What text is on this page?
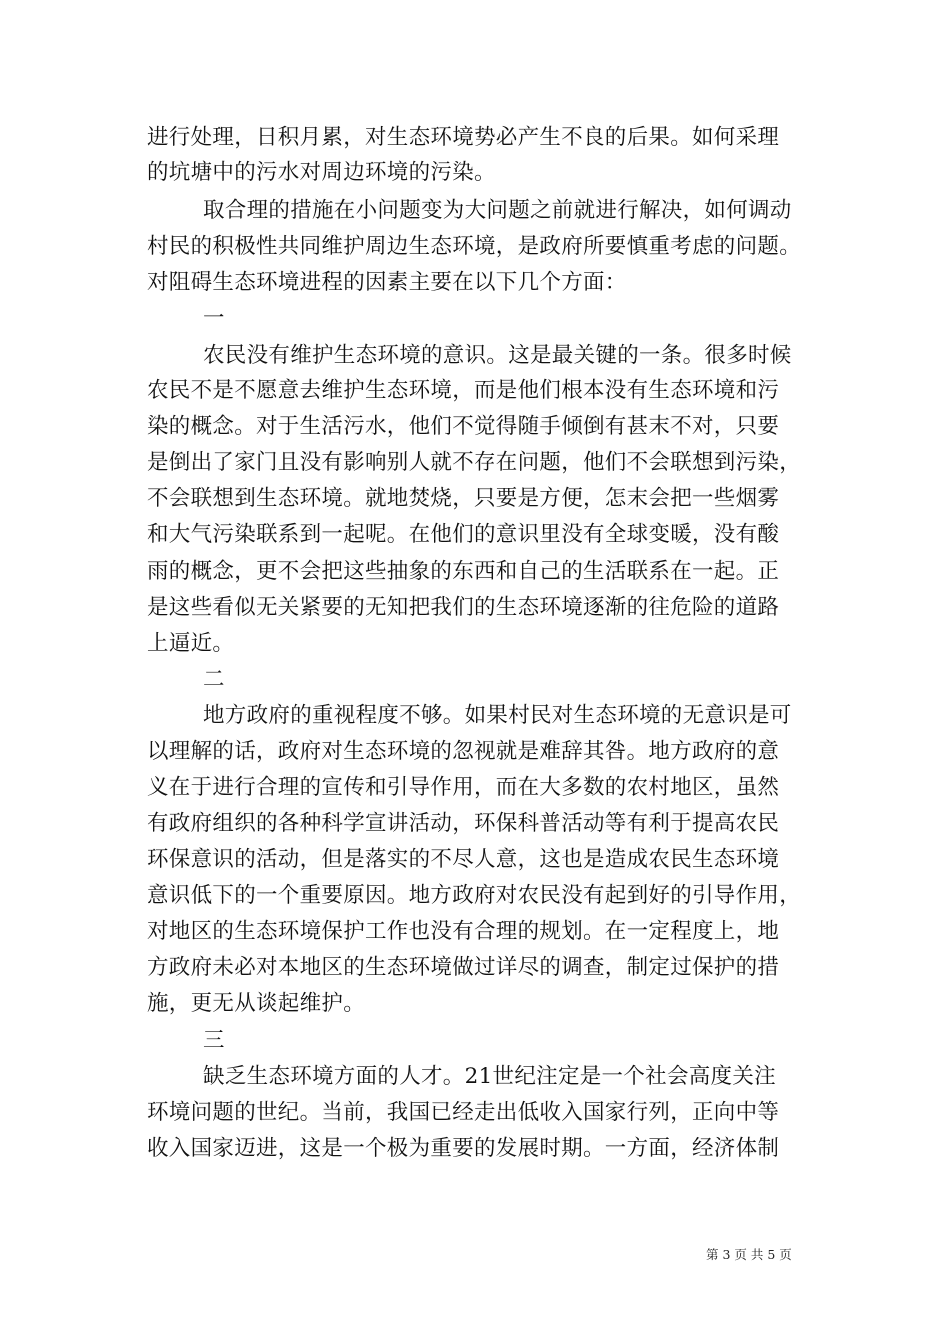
进行处理，日积月累，对生态环境势必产生不良的后果。如何采理
的坑塘中的污水对周边环境的污染。
取合理的措施在小问题变为大问题之前就进行解决，如何调动
村民的积极性共同维护周边生态环境，是政府所要慎重考虑的问题。
对阻碍生态环境进程的因素主要在以下几个方面：
一
农民没有维护生态环境的意识。这是最关键的一条。很多时候
农民不是不愿意去维护生态环境，而是他们根本没有生态环境和污
染的概念。对于生活污水，他们不觉得随手倾倒有甚末不对，只要
是倒出了家门且没有影响别人就不存在问题，他们不会联想到污染，
不会联想到生态环境。就地焚烧，只要是方便，怎末会把一些烟雾
和大气污染联系到一起呢。在他们的意识里没有全球变暖，没有酸
雨的概念，更不会把这些抽象的东西和自己的生活联系在一起。正
是这些看似无关紧要的无知把我们的生态环境逐渐的往危险的道路
上逼近。
二
地方政府的重视程度不够。如果村民对生态环境的无意识是可
以理解的话，政府对生态环境的忽视就是难辞其咎。地方政府的意
义在于进行合理的宣传和引导作用，而在大多数的农村地区，虽然
有政府组织的各种科学宣讲活动，环保科普活动等有利于提高农民
环保意识的活动，但是落实的不尽人意，这也是造成农民生态环境
意识低下的一个重要原因。地方政府对农民没有起到好的引导作用，
对地区的生态环境保护工作也没有合理的规划。在一定程度上，地
方政府未必对本地区的生态环境做过详尽的调查，制定过保护的措
施，更无从谈起维护。
三
缺乏生态环境方面的人才。21世纪注定是一个社会高度关注
环境问题的世纪。当前，我国已经走出低收入国家行列，正向中等
收入国家迈进，这是一个极为重要的发展时期。一方面，经济体制
第 3 页 共 5 页
